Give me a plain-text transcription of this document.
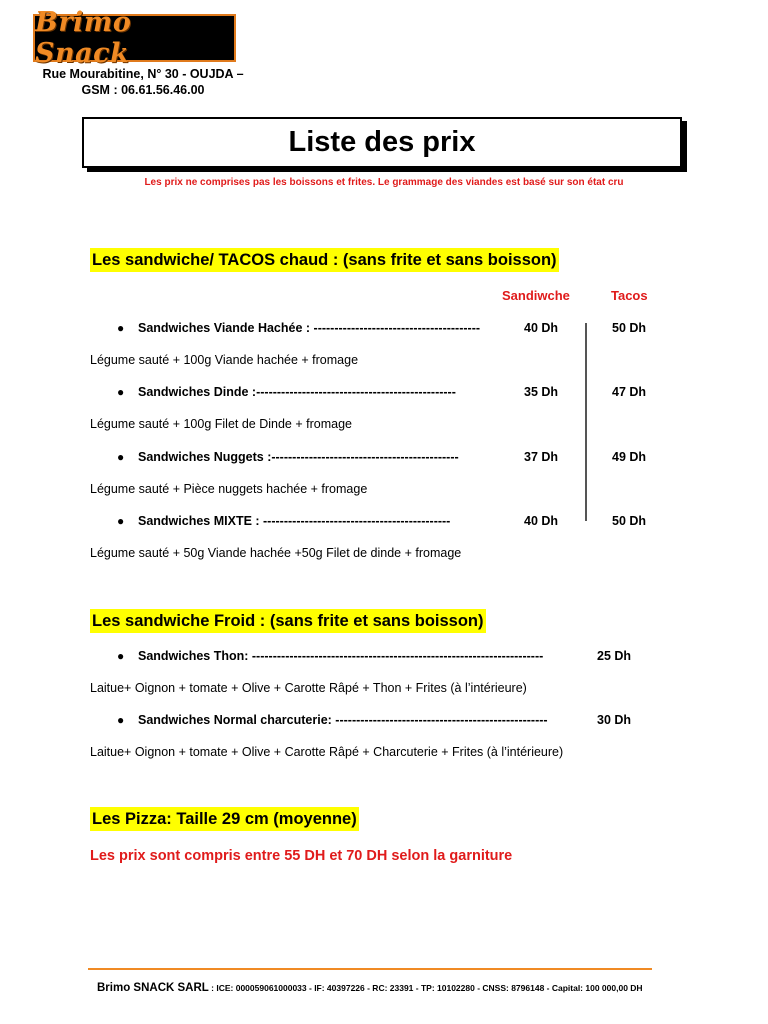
Brimo Snack
Rue Mourabitine, N° 30 - OUJDA –
GSM : 06.61.56.46.00
Liste des prix
Les prix ne comprises pas les boissons et frites. Le grammage des viandes est basé sur son état cru
Les sandwiche/ TACOS chaud : (sans frite et sans boisson)
Sandiwche	Tacos
●	Sandwiches Viande Hachée : ----------------------------------------	40 Dh	50 Dh
Légume sauté + 100g Viande hachée + fromage
●	Sandwiches Dinde :------------------------------------------------	35 Dh	47 Dh
Légume sauté + 100g Filet de Dinde + fromage
●	Sandwiches Nuggets :---------------------------------------------	37 Dh	49 Dh
Légume sauté + Pièce nuggets hachée + fromage
●	Sandwiches MIXTE : ---------------------------------------------	40 Dh	50 Dh
Légume sauté + 50g Viande hachée +50g Filet de dinde + fromage
Les sandwiche Froid : (sans frite et sans boisson)
●	Sandwiches Thon: ----------------------------------------------------------------------	25 Dh
Laitue+ Oignon + tomate + Olive + Carotte Râpé + Thon + Frites (à l’intérieure)
●	Sandwiches Normal charcuterie: ---------------------------------------------------	30 Dh
Laitue+ Oignon + tomate + Olive + Carotte Râpé + Charcuterie + Frites (à l’intérieure)
Les Pizza: Taille 29 cm (moyenne)
Les prix sont compris entre 55 DH et 70 DH selon la garniture
Brimo SNACK SARL : ICE: 000059061000033 - IF: 40397226 - RC: 23391 - TP: 10102280 - CNSS: 8796148 - Capital: 100 000,00 DH
